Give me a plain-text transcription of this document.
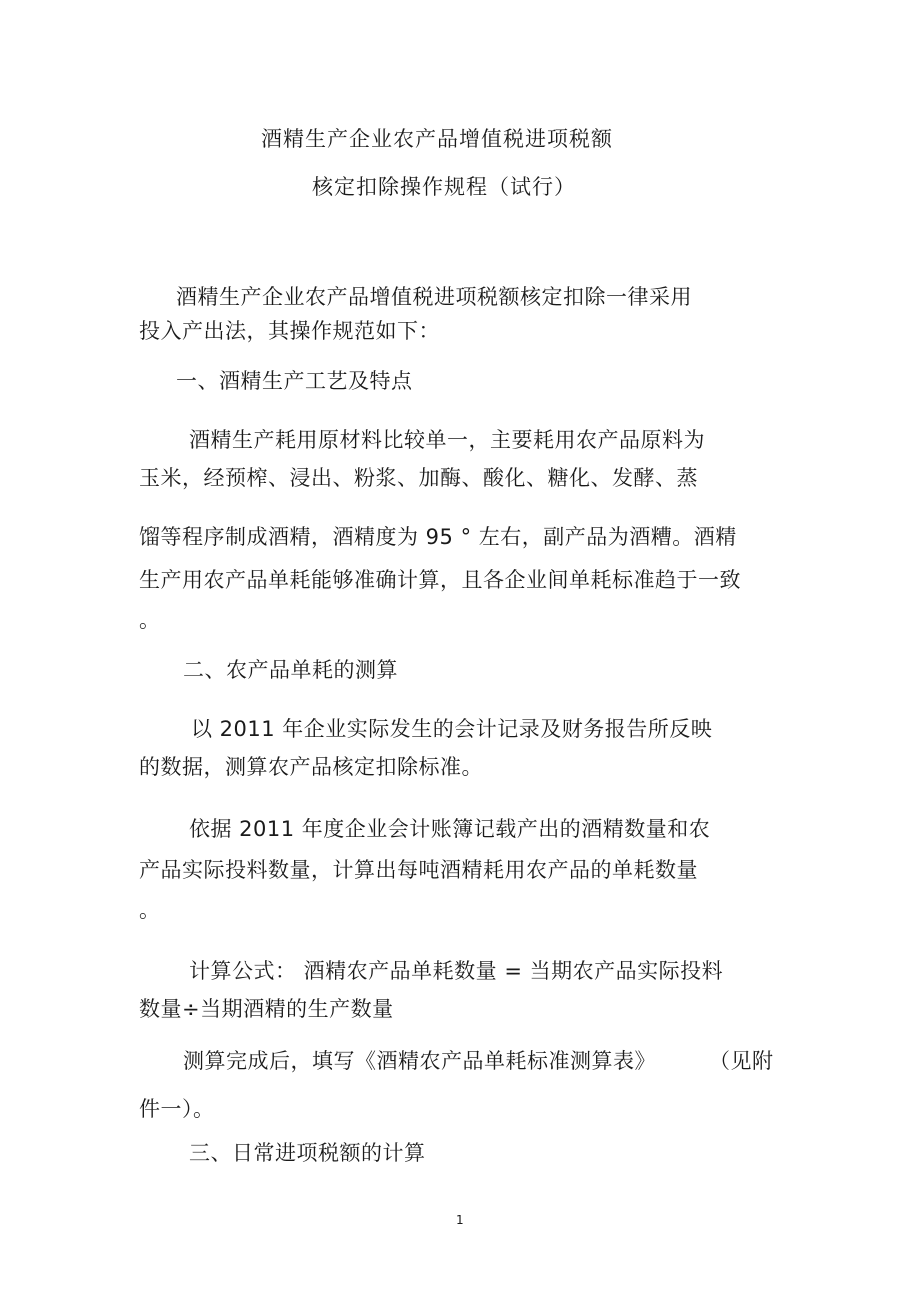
酒精生产企业农产品增值税进项税额
核定扣除操作规程（试行）
酒精生产企业农产品增值税进项税额核定扣除一律采用
投入产出法，其操作规范如下：
一、酒精生产工艺及特点
酒精生产耗用原材料比较单一，主要耗用农产品原料为
玉米，经预榨、浸出、粉浆、加酶、酸化、糖化、发酵、蒸
馏等程序制成酒精，酒精度为 95 ° 左右，副产品为酒糟。酒精
生产用农产品单耗能够准确计算，且各企业间单耗标准趋于一致
。
二、农产品单耗的测算
以 2011 年企业实际发生的会计记录及财务报告所反映
的数据，测算农产品核定扣除标准。
依据 2011 年度企业会计账簿记载产出的酒精数量和农
产品实际投料数量，计算出每吨酒精耗用农产品的单耗数量
。
计算公式： 酒精农产品单耗数量 = 当期农产品实际投料
数量÷当期酒精的生产数量
测算完成后，填写《酒精农产品单耗标准测算表》	（见附
件一）。
三、日常进项税额的计算
1
